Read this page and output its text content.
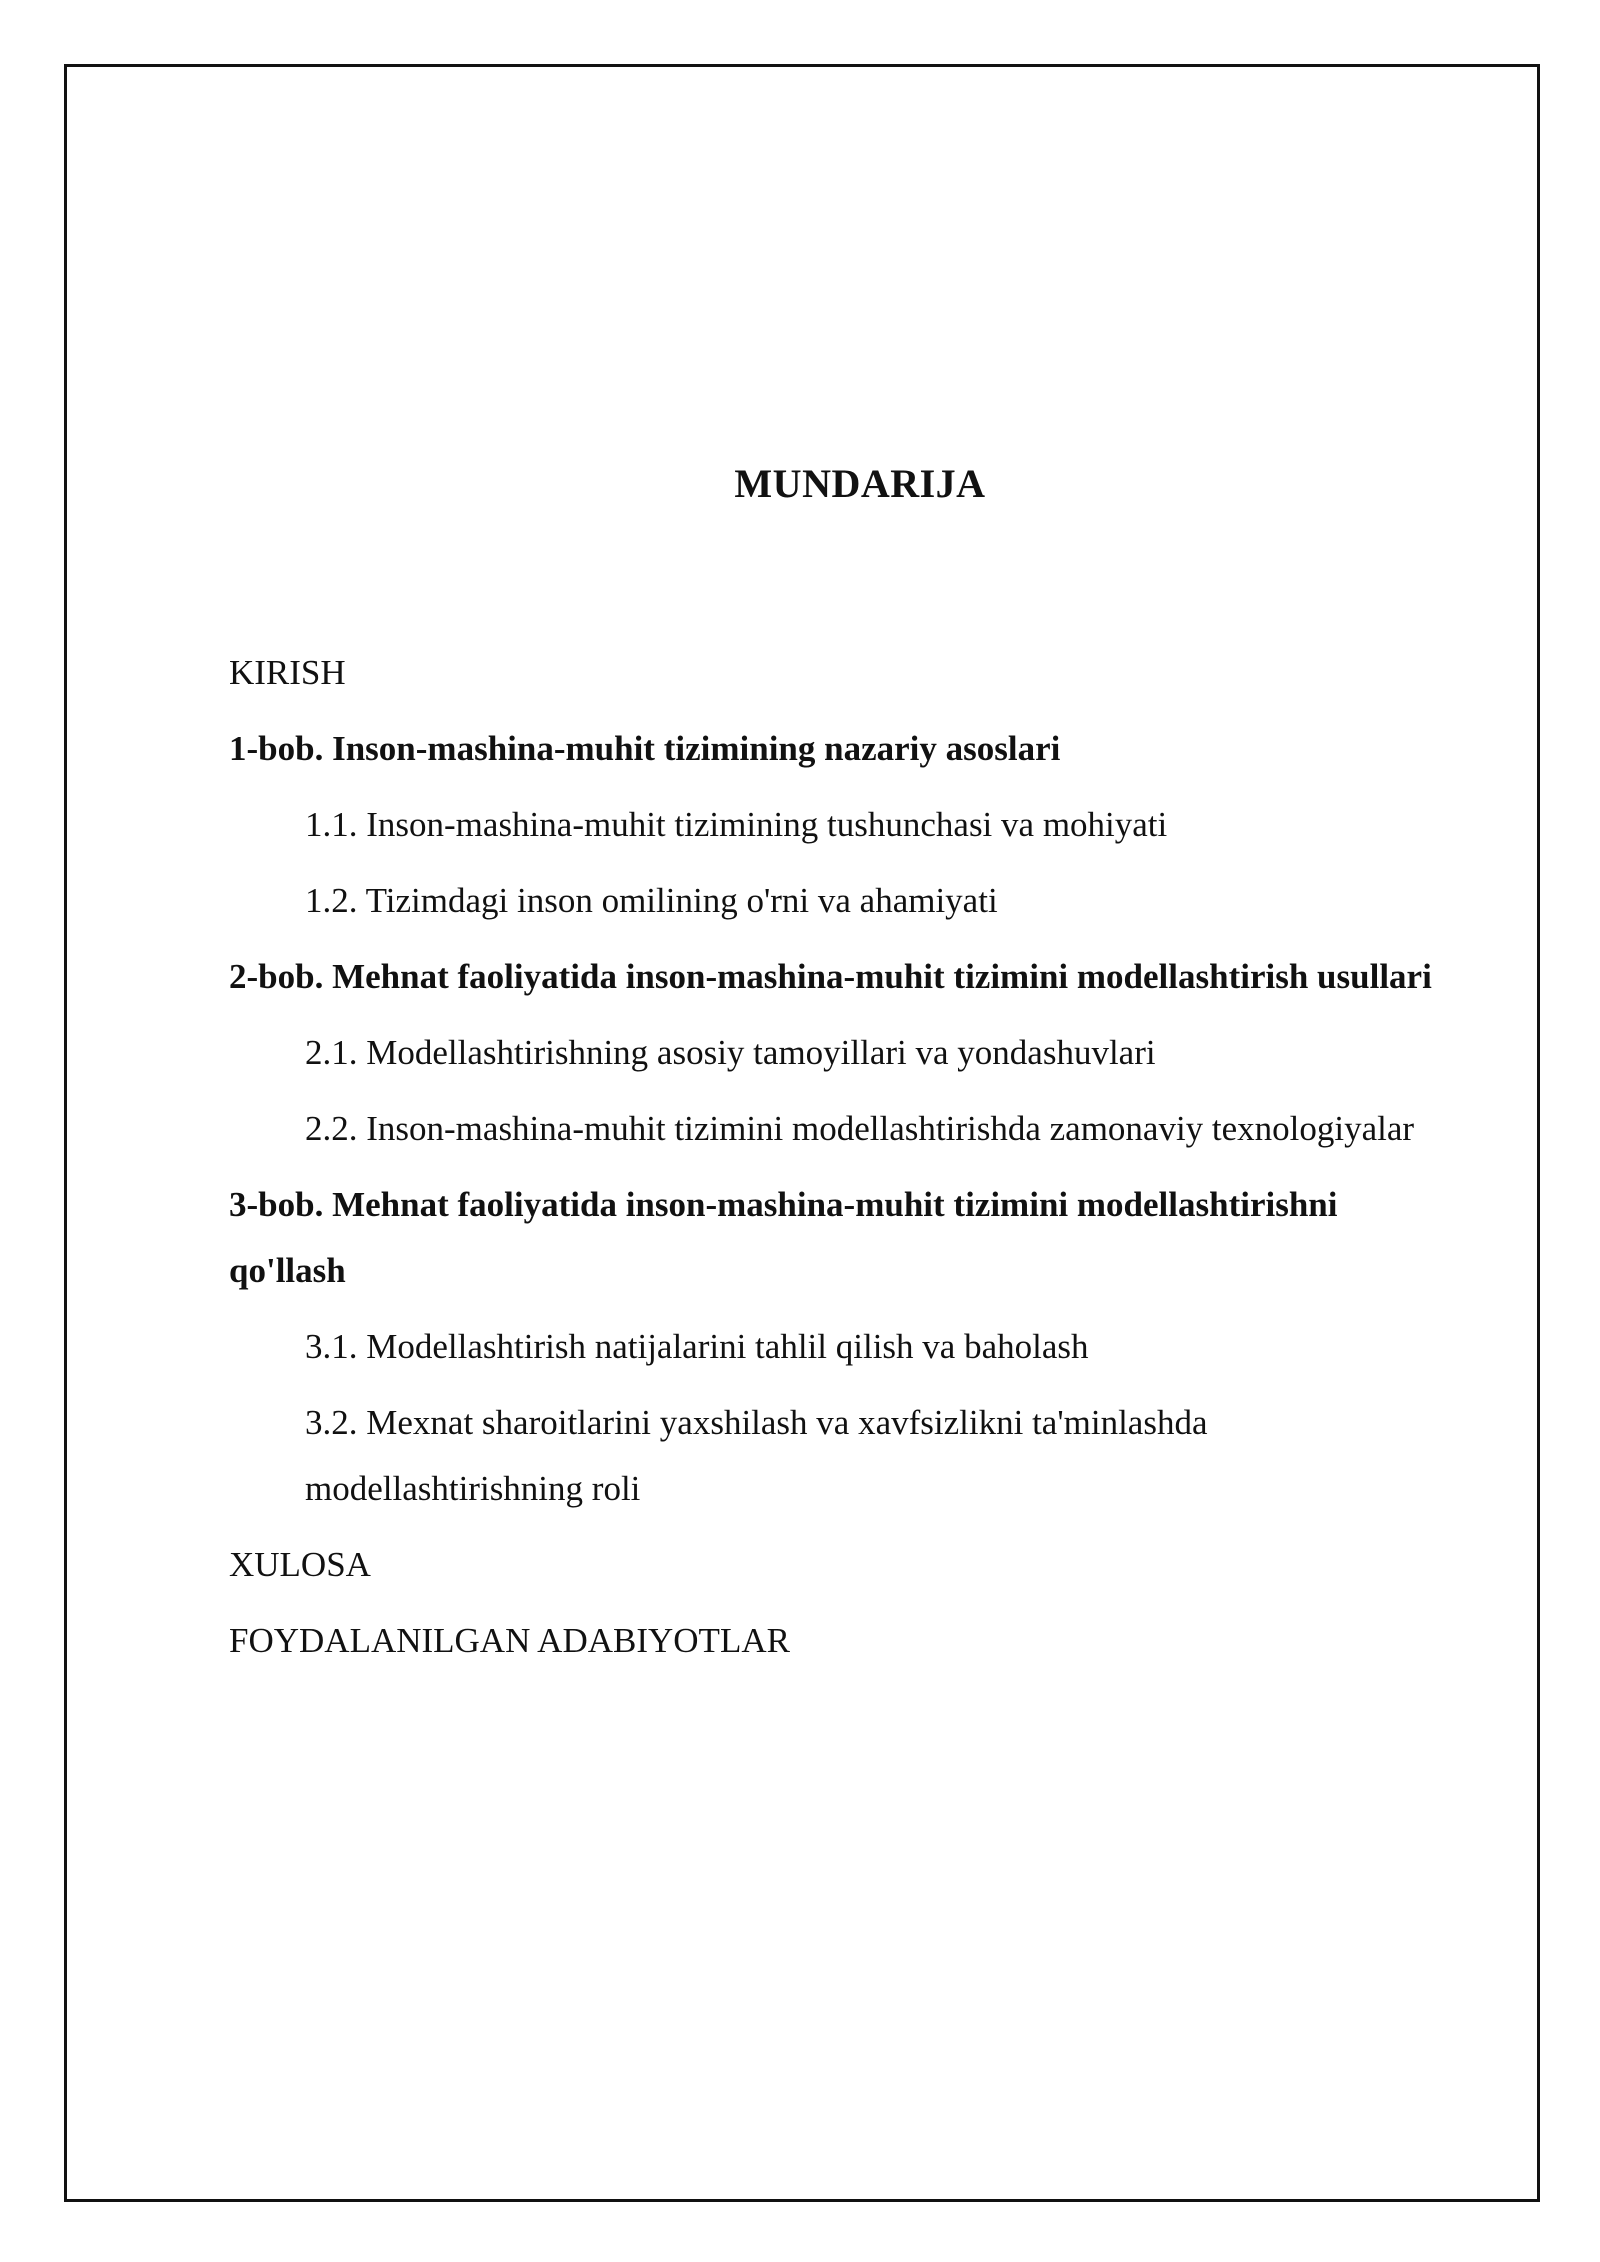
MUNDARIJA
KIRISH
1-bob. Inson-mashina-muhit tizimining nazariy asoslari
1.1. Inson-mashina-muhit tizimining tushunchasi va mohiyati
1.2. Tizimdagi inson omilining o'rni va ahamiyati
2-bob. Mehnat faoliyatida inson-mashina-muhit tizimini modellashtirish usullari
2.1. Modellashtirishning asosiy tamoyillari va yondashuvlari
2.2. Inson-mashina-muhit tizimini modellashtirishda zamonaviy texnologiyalar
3-bob. Mehnat faoliyatida inson-mashina-muhit tizimini modellashtirishni qo'llash
3.1. Modellashtirish natijalarini tahlil qilish va baholash
3.2. Mexnat sharoitlarini yaxshilash va xavfsizlikni ta'minlashda modellashtirishning roli
XULOSA
FOYDALANILGAN ADABIYOTLAR
